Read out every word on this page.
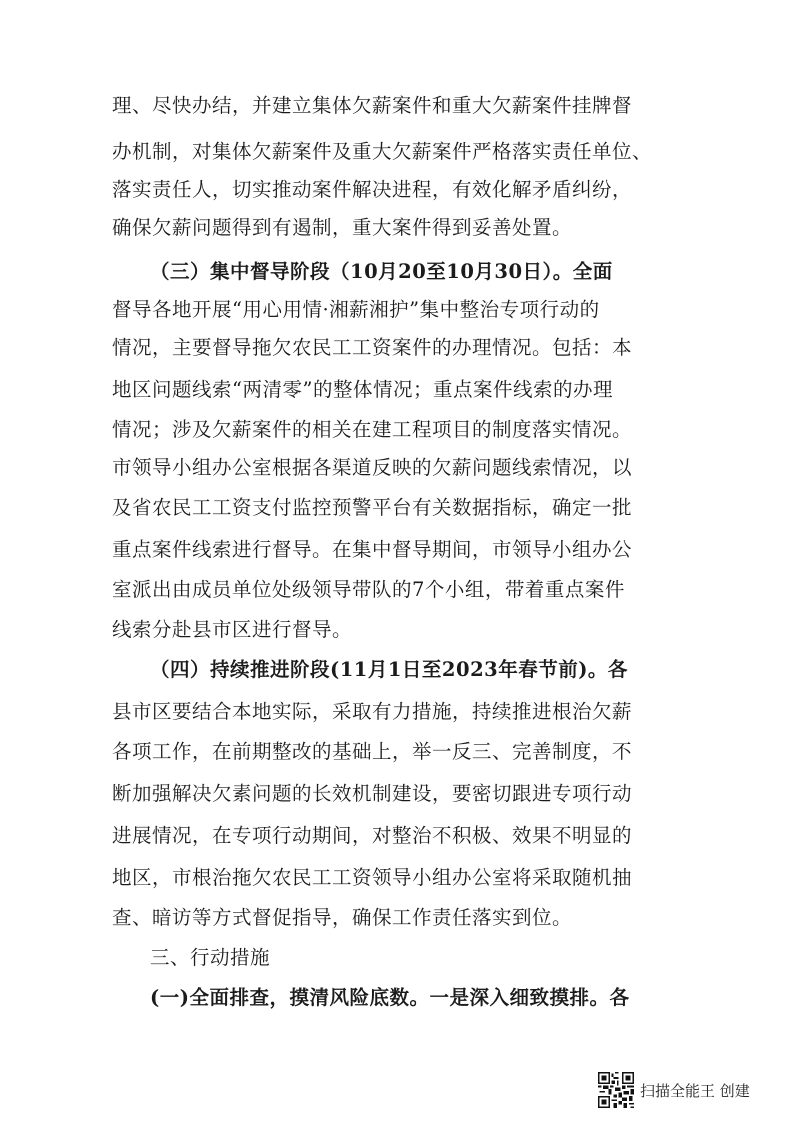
理、尽快办结，并建立集体欠薪案件和重大欠薪案件挂牌督
办机制，对集体欠薪案件及重大欠薪案件严格落实责任单位、
落实责任人，切实推动案件解决进程，有效化解矛盾纠纷，
确保欠薪问题得到有遏制，重大案件得到妥善处置。
（三）集中督导阶段（10月20至10月30日）。全面
督导各地开展“用心用情·湘薪湘护”集中整治专项行动的
情况，主要督导拖欠农民工工资案件的办理情况。包括：本
地区问题线索“两清零”的整体情况；重点案件线索的办理
情况；涉及欠薪案件的相关在建工程项目的制度落实情况。
市领导小组办公室根据各渠道反映的欠薪问题线索情况，以
及省农民工工资支付监控预警平台有关数据指标，确定一批
重点案件线索进行督导。在集中督导期间，市领导小组办公
室派出由成员单位处级领导带队的7个小组，带着重点案件
线索分赴县市区进行督导。
（四）持续推进阶段(11月1日至2023年春节前)。各
县市区要结合本地实际，采取有力措施，持续推进根治欠薪
各项工作，在前期整改的基础上，举一反三、完善制度，不
断加强解决欠素问题的长效机制建设，要密切跟进专项行动
进展情况，在专项行动期间，对整治不积极、效果不明显的
地区，市根治拖欠农民工工资领导小组办公室将采取随机抽
查、暗访等方式督促指导，确保工作责任落实到位。
三、行动措施
(一)全面排查，摸清风险底数。一是深入细致摸排。各
扫描全能王 创建
